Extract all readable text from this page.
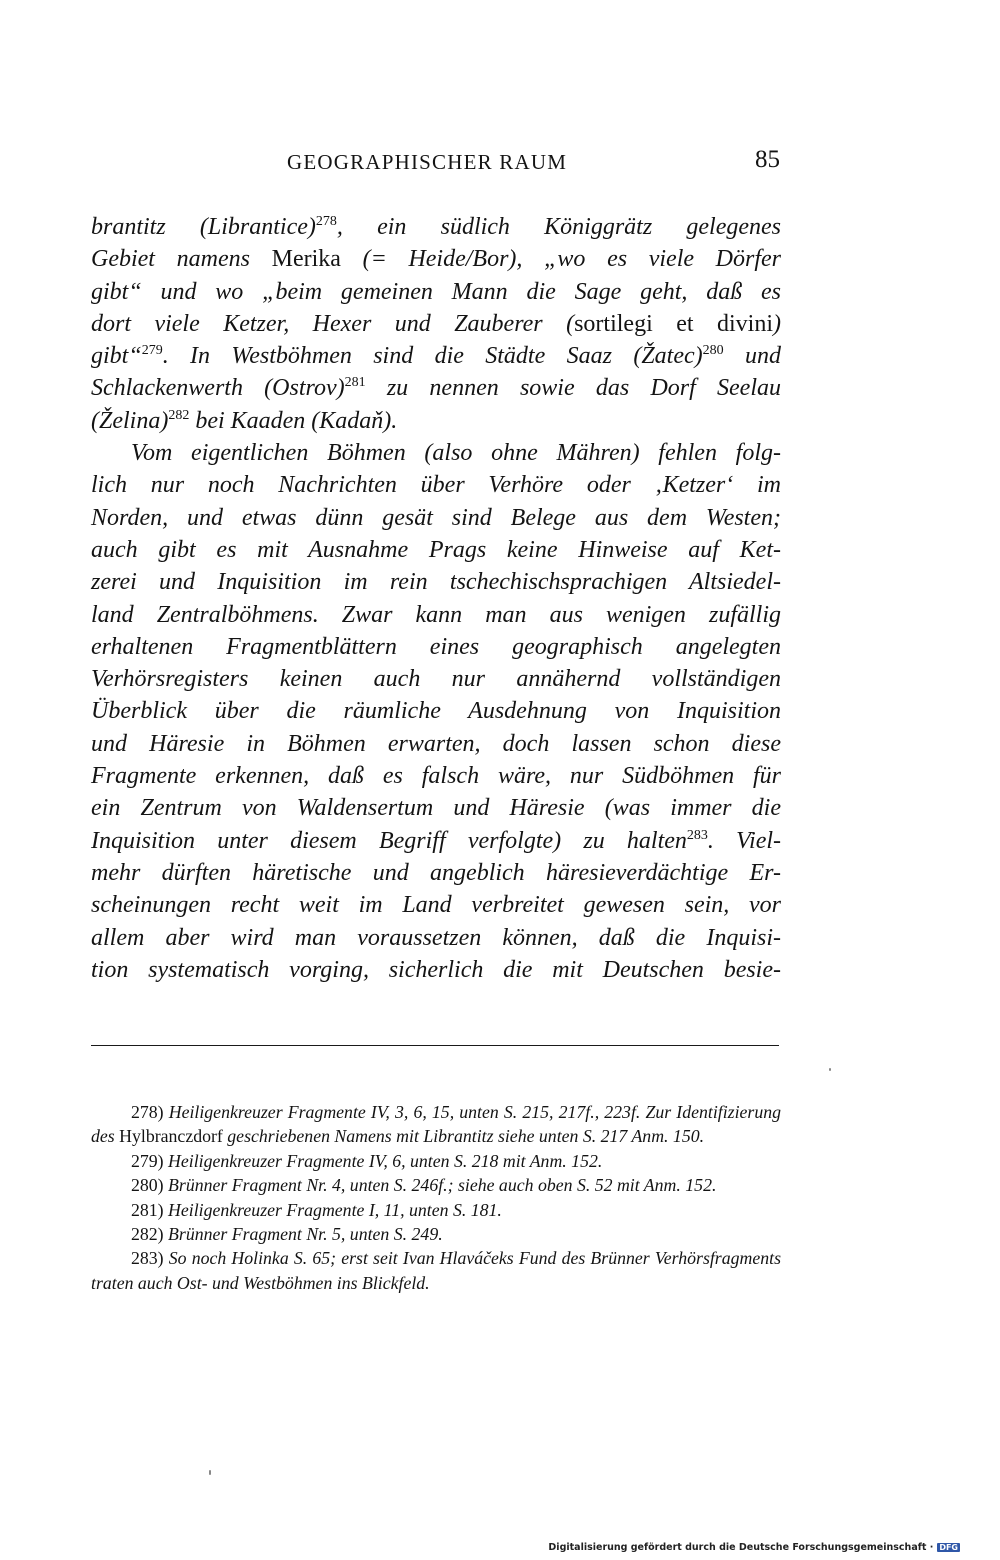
GEOGRAPHISCHER RAUM	85
brantitz (Librantice)$^{278}$, ein südlich Königgrätz gelegenes
Gebiet namens Merika (= Heide/Bor), „wo es viele Dörfer
gibt“ und wo „beim gemeinen Mann die Sage geht, daß es
dort viele Ketzer, Hexer und Zauberer (sortilegi et divini)
gibt“$^{279}$. In Westböhmen sind die Städte Saaz (Žatec)$^{280}$ und
Schlackenwerth (Ostrov)$^{281}$ zu nennen sowie das Dorf Seelau
(Želina)$^{282}$ bei Kaaden (Kadaň).
Vom eigentlichen Böhmen (also ohne Mähren) fehlen folg-
lich nur noch Nachrichten über Verhöre oder ‚Ketzer‘ im
Norden, und etwas dünn gesät sind Belege aus dem Westen;
auch gibt es mit Ausnahme Prags keine Hinweise auf Ket-
zerei und Inquisition im rein tschechischsprachigen Altsiedel-
land Zentralböhmens. Zwar kann man aus wenigen zufällig
erhaltenen Fragmentblättern eines geographisch angelegten
Verhörsregisters keinen auch nur annähernd vollständigen
Überblick über die räumliche Ausdehnung von Inquisition
und Häresie in Böhmen erwarten, doch lassen schon diese
Fragmente erkennen, daß es falsch wäre, nur Südböhmen für
ein Zentrum von Waldensertum und Häresie (was immer die
Inquisition unter diesem Begriff verfolgte) zu halten$^{283}$. Viel-
mehr dürften häretische und angeblich häresieverdächtige Er-
scheinungen recht weit im Land verbreitet gewesen sein, vor
allem aber wird man voraussetzen können, daß die Inquisi-
tion systematisch vorging, sicherlich die mit Deutschen besie-
278) Heiligenkreuzer Fragmente IV, 3, 6, 15, unten S. 215, 217f., 223f. Zur Identifizierung des Hylbranczdorf geschriebenen Namens mit Librantitz siehe unten S. 217 Anm. 150.
279) Heiligenkreuzer Fragmente IV, 6, unten S. 218 mit Anm. 152.
280) Brünner Fragment Nr. 4, unten S. 246f.; siehe auch oben S. 52 mit Anm. 152.
281) Heiligenkreuzer Fragmente I, 11, unten S. 181.
282) Brünner Fragment Nr. 5, unten S. 249.
283) So noch Holinka S. 65; erst seit Ivan Hlaváčeks Fund des Brünner Verhörsfragments traten auch Ost- und Westböhmen ins Blickfeld.
Digitalisierung gefördert durch die Deutsche Forschungsgemeinschaft · DFG
